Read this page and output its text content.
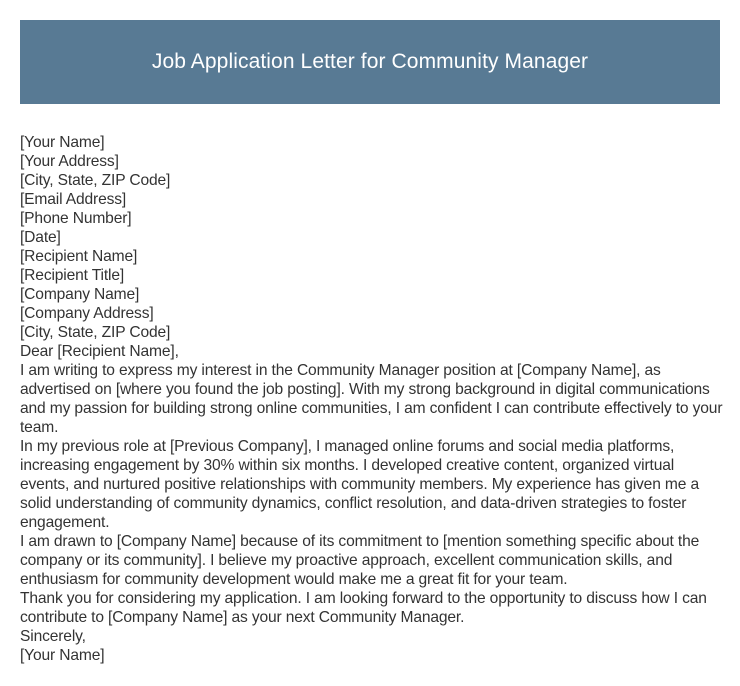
Job Application Letter for Community Manager

[Your Name]

[Your Address]

[City, State, ZIP Code]

[Email Address]

[Phone Number]

[Date]

[Recipient Name]

[Recipient Title]

[Company Name]

[Company Address]

[City, State, ZIP Code]

Dear [Recipient Name],

I am writing to express my interest in the Community Manager position at [Company Name], as advertised on [where you found the job posting]. With my strong background in digital communications and my passion for building strong online communities, I am confident I can contribute effectively to your team.

In my previous role at [Previous Company], I managed online forums and social media platforms, increasing engagement by 30% within six months. I developed creative content, organized virtual events, and nurtured positive relationships with community members. My experience has given me a solid understanding of community dynamics, conflict resolution, and data-driven strategies to foster engagement.

I am drawn to [Company Name] because of its commitment to [mention something specific about the company or its community]. I believe my proactive approach, excellent communication skills, and enthusiasm for community development would make me a great fit for your team.

Thank you for considering my application. I am looking forward to the opportunity to discuss how I can contribute to [Company Name] as your next Community Manager.

Sincerely,

[Your Name]
